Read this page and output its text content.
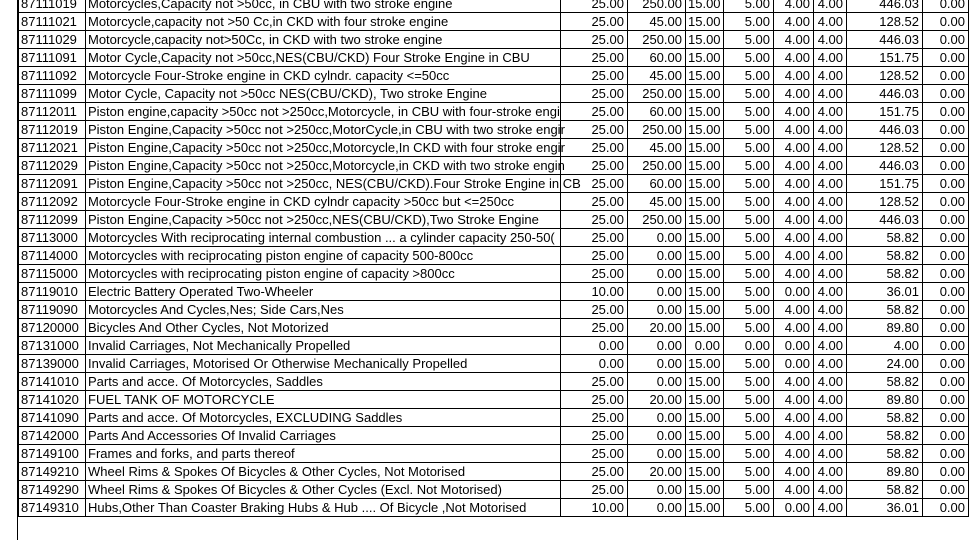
87111019	Motorcycles,Capacity not >50cc, in CBU with two stroke engine	25.00	250.00	15.00	5.00	4.00	4.00	446.03	0.00
87111021	Motorcycle,capacity not >50 Cc,in CKD with four stroke engine	25.00	45.00	15.00	5.00	4.00	4.00	128.52	0.00
87111029	Motorcycle,capacity not>50Cc, in CKD with two stroke engine	25.00	250.00	15.00	5.00	4.00	4.00	446.03	0.00
87111091	Motor Cycle,Capacity not >50cc,NES(CBU/CKD) Four Stroke Engine in CBU	25.00	60.00	15.00	5.00	4.00	4.00	151.75	0.00
87111092	Motorcycle Four-Stroke engine in CKD cylndr. capacity <=50cc	25.00	45.00	15.00	5.00	4.00	4.00	128.52	0.00
87111099	Motor Cycle, Capacity not >50cc NES(CBU/CKD), Two stroke Engine	25.00	250.00	15.00	5.00	4.00	4.00	446.03	0.00
87112011	Piston engine,capacity >50cc not >250cc,Motorcycle, in CBU with four-stroke engi	25.00	60.00	15.00	5.00	4.00	4.00	151.75	0.00
87112019	Piston Engine,Capacity >50cc not >250cc,MotorCycle,in CBU with two stroke engir	25.00	250.00	15.00	5.00	4.00	4.00	446.03	0.00
87112021	Piston Engine,Capacity >50cc not >250cc,Motorcycle,In CKD with four stroke engir	25.00	45.00	15.00	5.00	4.00	4.00	128.52	0.00
87112029	Piston Engine,Capacity >50cc not >250cc,Motorcycle,in CKD with two stroke engin	25.00	250.00	15.00	5.00	4.00	4.00	446.03	0.00
87112091	Piston Engine,Capacity >50cc not >250cc, NES(CBU/CKD).Four Stroke Engine in CB	25.00	60.00	15.00	5.00	4.00	4.00	151.75	0.00
87112092	Motorcycle Four-Stroke engine in CKD cylndr capacity >50cc but <=250cc	25.00	45.00	15.00	5.00	4.00	4.00	128.52	0.00
87112099	Piston Engine,Capacity >50cc not >250cc,NES(CBU/CKD),Two Stroke Engine	25.00	250.00	15.00	5.00	4.00	4.00	446.03	0.00
87113000	Motorcycles With reciprocating internal combustion ... a cylinder capacity 250-50(	25.00	0.00	15.00	5.00	4.00	4.00	58.82	0.00
87114000	Motorcycles with reciprocating piston engine of capacity 500-800cc	25.00	0.00	15.00	5.00	4.00	4.00	58.82	0.00
87115000	Motorcycles with reciprocating piston engine of capacity >800cc	25.00	0.00	15.00	5.00	4.00	4.00	58.82	0.00
87119010	Electric Battery Operated Two-Wheeler	10.00	0.00	15.00	5.00	0.00	4.00	36.01	0.00
87119090	Motorcycles And Cycles,Nes; Side Cars,Nes	25.00	0.00	15.00	5.00	4.00	4.00	58.82	0.00
87120000	Bicycles And Other Cycles, Not Motorized	25.00	20.00	15.00	5.00	4.00	4.00	89.80	0.00
87131000	Invalid Carriages, Not Mechanically Propelled	0.00	0.00	0.00	0.00	0.00	4.00	4.00	0.00
87139000	Invalid Carriages, Motorised Or Otherwise Mechanically Propelled	0.00	0.00	15.00	5.00	0.00	4.00	24.00	0.00
87141010	Parts and acce. Of Motorcycles, Saddles	25.00	0.00	15.00	5.00	4.00	4.00	58.82	0.00
87141020	FUEL TANK OF MOTORCYCLE	25.00	20.00	15.00	5.00	4.00	4.00	89.80	0.00
87141090	Parts and acce. Of Motorcycles, EXCLUDING Saddles	25.00	0.00	15.00	5.00	4.00	4.00	58.82	0.00
87142000	Parts And Accessories Of Invalid Carriages	25.00	0.00	15.00	5.00	4.00	4.00	58.82	0.00
87149100	Frames and forks, and parts thereof	25.00	0.00	15.00	5.00	4.00	4.00	58.82	0.00
87149210	Wheel Rims & Spokes Of Bicycles & Other Cycles, Not Motorised	25.00	20.00	15.00	5.00	4.00	4.00	89.80	0.00
87149290	Wheel Rims & Spokes Of Bicycles & Other Cycles (Excl. Not Motorised)	25.00	0.00	15.00	5.00	4.00	4.00	58.82	0.00
87149310	Hubs,Other Than Coaster Braking Hubs & Hub .... Of Bicycle ,Not Motorised	10.00	0.00	15.00	5.00	0.00	4.00	36.01	0.00
